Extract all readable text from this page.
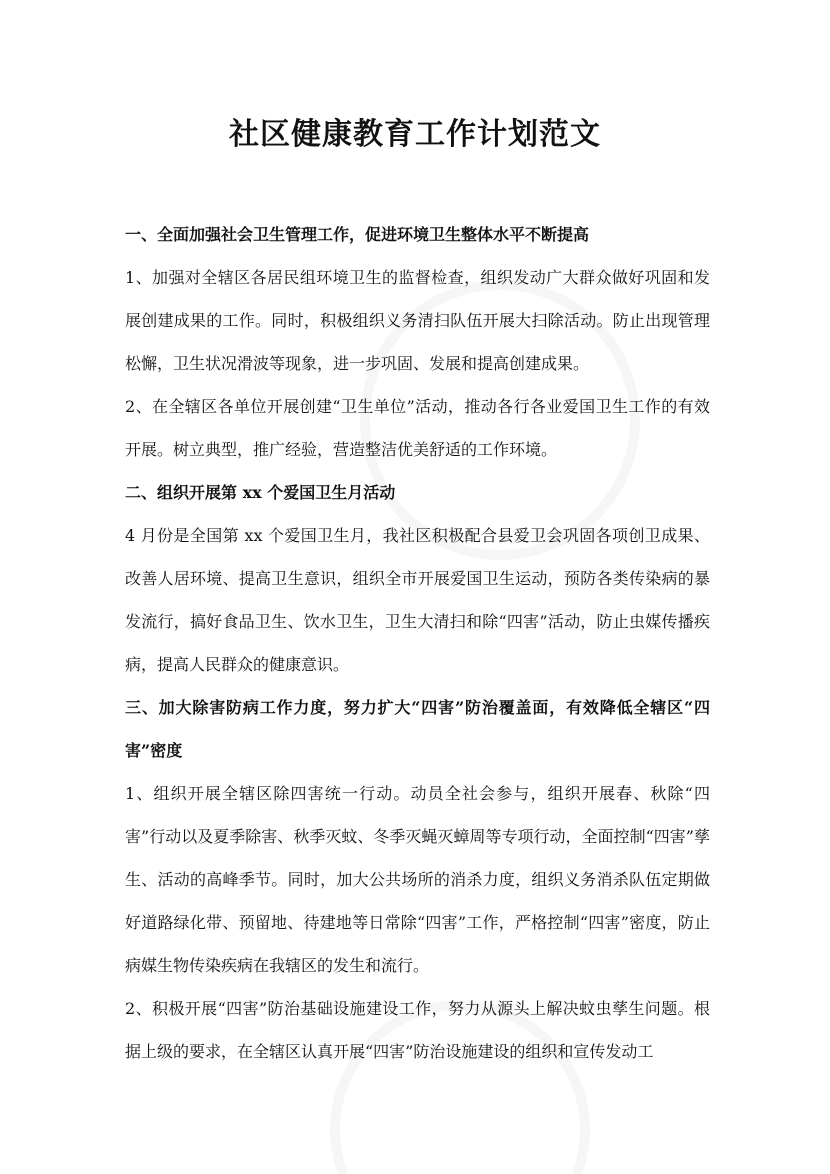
社区健康教育工作计划范文

一、全面加强社会卫生管理工作，促进环境卫生整体水平不断提高

1、加强对全辖区各居民组环境卫生的监督检查，组织发动广大群众做好巩固和发展创建成果的工作。同时，积极组织义务清扫队伍开展大扫除活动。防止出现管理松懈，卫生状况滑波等现象，进一步巩固、发展和提高创建成果。

2、在全辖区各单位开展创建“卫生单位”活动，推动各行各业爱国卫生工作的有效开展。树立典型，推广经验，营造整洁优美舒适的工作环境。

二、组织开展第 xx 个爱国卫生月活动

4 月份是全国第 xx 个爱国卫生月，我社区积极配合县爱卫会巩固各项创卫成果、改善人居环境、提高卫生意识，组织全市开展爱国卫生运动，预防各类传染病的暴发流行，搞好食品卫生、饮水卫生，卫生大清扫和除“四害”活动，防止虫媒传播疾病，提高人民群众的健康意识。

三、加大除害防病工作力度，努力扩大“四害”防治覆盖面，有效降低全辖区“四害”密度

1、组织开展全辖区除四害统一行动。动员全社会参与，组织开展春、秋除“四害”行动以及夏季除害、秋季灭蚊、冬季灭蝇灭蟑周等专项行动，全面控制“四害”孳生、活动的高峰季节。同时，加大公共场所的消杀力度，组织义务消杀队伍定期做好道路绿化带、预留地、待建地等日常除“四害”工作，严格控制“四害”密度，防止病媒生物传染疾病在我辖区的发生和流行。

2、积极开展“四害”防治基础设施建设工作，努力从源头上解决蚊虫孳生问题。根据上级的要求，在全辖区认真开展“四害”防治设施建设的组织和宣传发动工
